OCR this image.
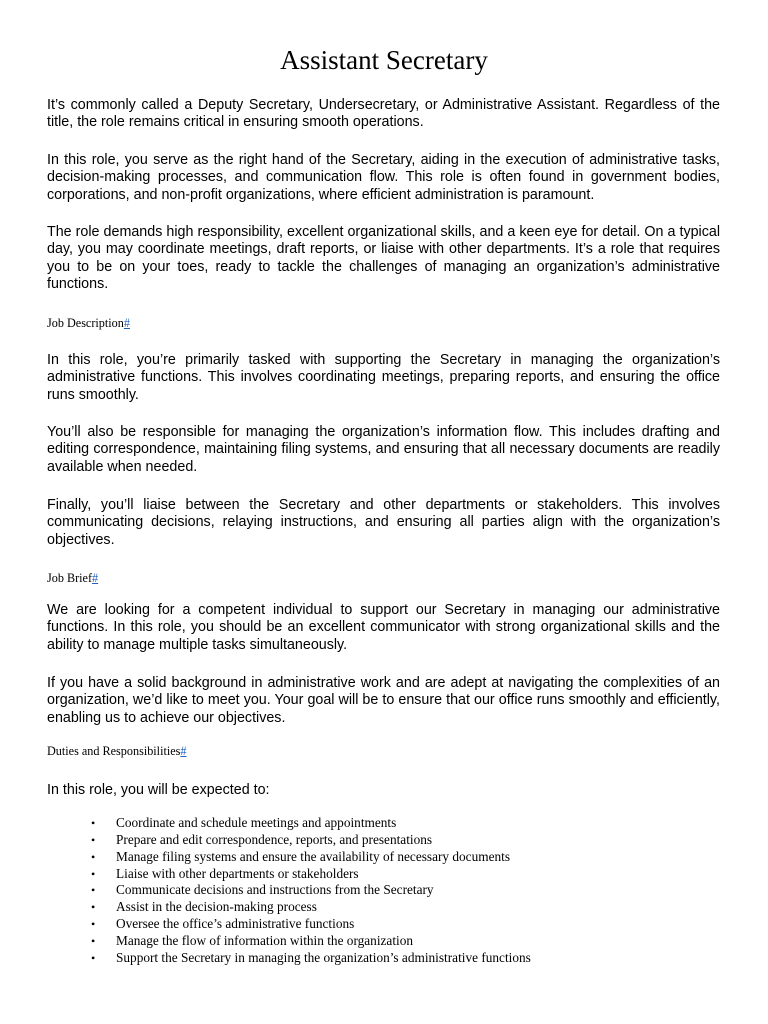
Assistant Secretary

It’s commonly called a Deputy Secretary, Undersecretary, or Administrative Assistant. Regardless of the title, the role remains critical in ensuring smooth operations.

In this role, you serve as the right hand of the Secretary, aiding in the execution of administrative tasks, decision-making processes, and communication flow. This role is often found in government bodies, corporations, and non-profit organizations, where efficient administration is paramount.

The role demands high responsibility, excellent organizational skills, and a keen eye for detail. On a typical day, you may coordinate meetings, draft reports, or liaise with other departments. It’s a role that requires you to be on your toes, ready to tackle the challenges of managing an organization’s administrative functions.

Job Description#

In this role, you’re primarily tasked with supporting the Secretary in managing the organization’s administrative functions. This involves coordinating meetings, preparing reports, and ensuring the office runs smoothly.

You’ll also be responsible for managing the organization’s information flow. This includes drafting and editing correspondence, maintaining filing systems, and ensuring that all necessary documents are readily available when needed.

Finally, you’ll liaise between the Secretary and other departments or stakeholders. This involves communicating decisions, relaying instructions, and ensuring all parties align with the organization’s objectives.

Job Brief#

We are looking for a competent individual to support our Secretary in managing our administrative functions. In this role, you should be an excellent communicator with strong organizational skills and the ability to manage multiple tasks simultaneously.

If you have a solid background in administrative work and are adept at navigating the complexities of an organization, we’d like to meet you. Your goal will be to ensure that our office runs smoothly and efficiently, enabling us to achieve our objectives.

Duties and Responsibilities#

In this role, you will be expected to:

• Coordinate and schedule meetings and appointments
• Prepare and edit correspondence, reports, and presentations
• Manage filing systems and ensure the availability of necessary documents
• Liaise with other departments or stakeholders
• Communicate decisions and instructions from the Secretary
• Assist in the decision-making process
• Oversee the office’s administrative functions
• Manage the flow of information within the organization
• Support the Secretary in managing the organization’s administrative functions
